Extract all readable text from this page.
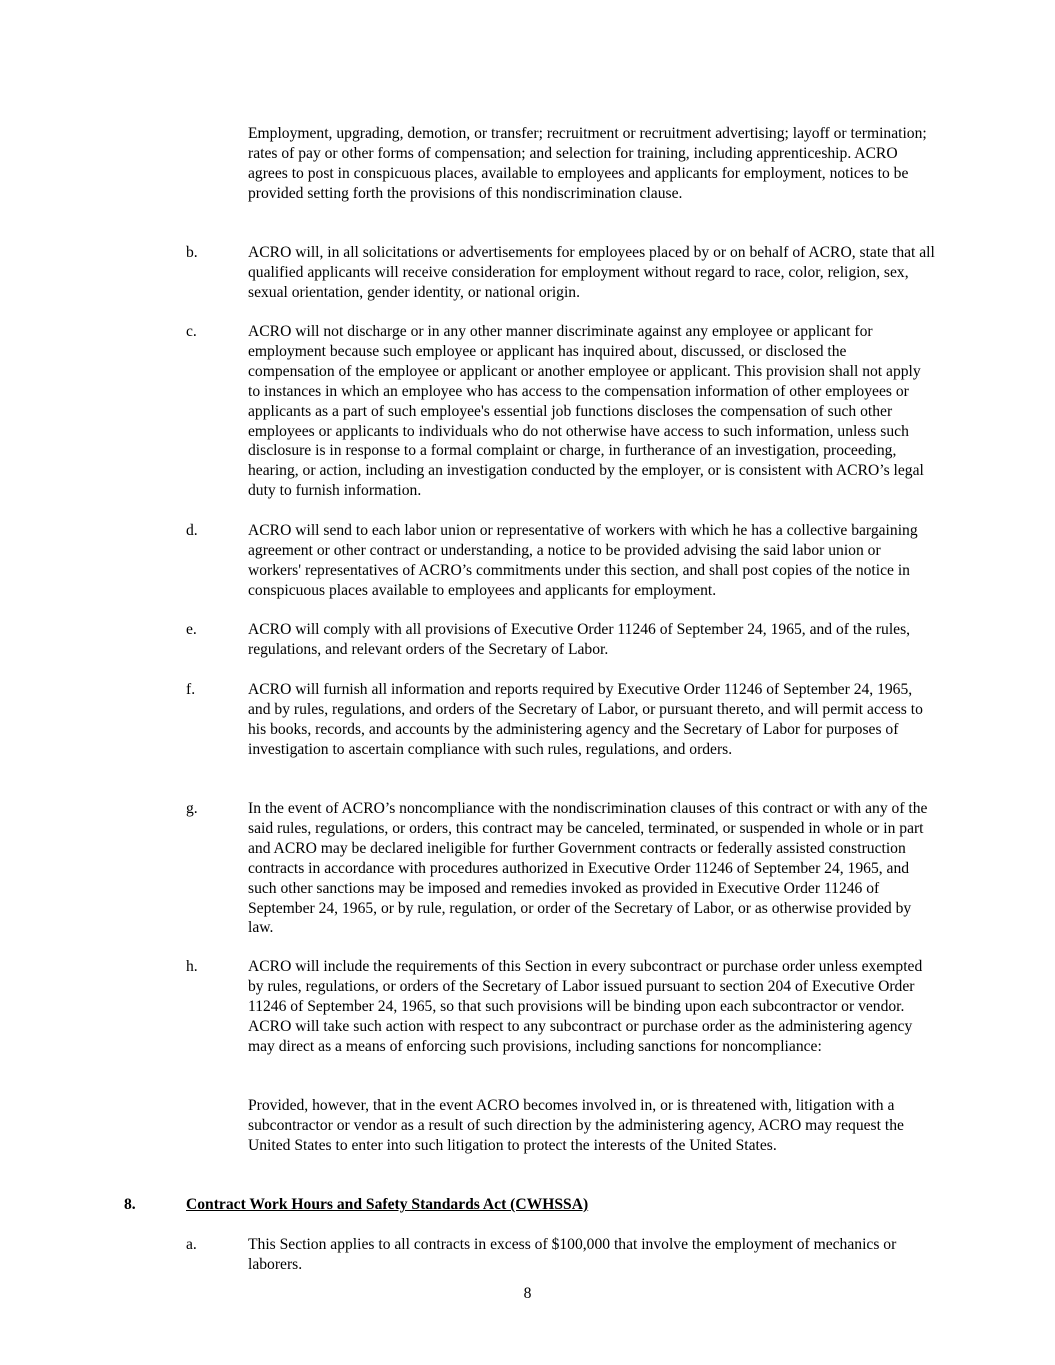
Employment, upgrading, demotion, or transfer; recruitment or recruitment advertising; layoff or termination; rates of pay or other forms of compensation; and selection for training, including apprenticeship. ACRO agrees to post in conspicuous places, available to employees and applicants for employment, notices to be provided setting forth the provisions of this nondiscrimination clause.

b.	ACRO will, in all solicitations or advertisements for employees placed by or on behalf of ACRO, state that all qualified applicants will receive consideration for employment without regard to race, color, religion, sex, sexual orientation, gender identity, or national origin.

c.	ACRO will not discharge or in any other manner discriminate against any employee or applicant for employment because such employee or applicant has inquired about, discussed, or disclosed the compensation of the employee or applicant or another employee or applicant. This provision shall not apply to instances in which an employee who has access to the compensation information of other employees or applicants as a part of such employee's essential job functions discloses the compensation of such other employees or applicants to individuals who do not otherwise have access to such information, unless such disclosure is in response to a formal complaint or charge, in furtherance of an investigation, proceeding, hearing, or action, including an investigation conducted by the employer, or is consistent with ACRO’s legal duty to furnish information.

d.	ACRO will send to each labor union or representative of workers with which he has a collective bargaining agreement or other contract or understanding, a notice to be provided advising the said labor union or workers' representatives of ACRO’s commitments under this section, and shall post copies of the notice in conspicuous places available to employees and applicants for employment.

e.	ACRO will comply with all provisions of Executive Order 11246 of September 24, 1965, and of the rules, regulations, and relevant orders of the Secretary of Labor.

f.	ACRO will furnish all information and reports required by Executive Order 11246 of September 24, 1965, and by rules, regulations, and orders of the Secretary of Labor, or pursuant thereto, and will permit access to his books, records, and accounts by the administering agency and the Secretary of Labor for purposes of investigation to ascertain compliance with such rules, regulations, and orders.

g.	In the event of ACRO’s noncompliance with the nondiscrimination clauses of this contract or with any of the said rules, regulations, or orders, this contract may be canceled, terminated, or suspended in whole or in part and ACRO may be declared ineligible for further Government contracts or federally assisted construction contracts in accordance with procedures authorized in Executive Order 11246 of September 24, 1965, and such other sanctions may be imposed and remedies invoked as provided in Executive Order 11246 of September 24, 1965, or by rule, regulation, or order of the Secretary of Labor, or as otherwise provided by law.

h.	ACRO will include the requirements of this Section in every subcontract or purchase order unless exempted by rules, regulations, or orders of the Secretary of Labor issued pursuant to section 204 of Executive Order 11246 of September 24, 1965, so that such provisions will be binding upon each subcontractor or vendor. ACRO will take such action with respect to any subcontract or purchase order as the administering agency may direct as a means of enforcing such provisions, including sanctions for noncompliance:

Provided, however, that in the event ACRO becomes involved in, or is threatened with, litigation with a subcontractor or vendor as a result of such direction by the administering agency, ACRO may request the United States to enter into such litigation to protect the interests of the United States.

8.	Contract Work Hours and Safety Standards Act (CWHSSA)

a.	This Section applies to all contracts in excess of $100,000 that involve the employment of mechanics or laborers.

8
